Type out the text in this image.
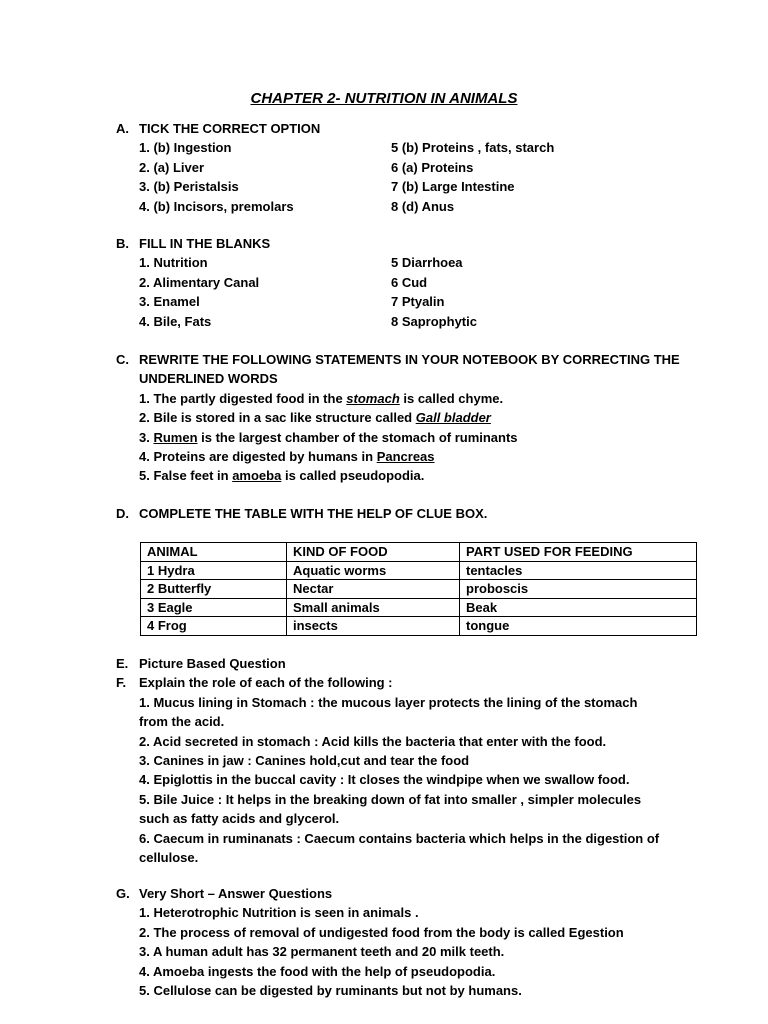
CHAPTER 2- NUTRITION IN ANIMALS
A. TICK THE CORRECT OPTION
1. (b) Ingestion	5 (b) Proteins , fats, starch
2. (a) Liver	6 (a) Proteins
3. (b) Peristalsis	7 (b) Large Intestine
4. (b) Incisors, premolars	8 (d) Anus
B. FILL IN THE BLANKS
1. Nutrition	5 Diarrhoea
2. Alimentary Canal	6 Cud
3. Enamel	7 Ptyalin
4. Bile, Fats	8 Saprophytic
C. REWRITE THE FOLLOWING STATEMENTS IN YOUR NOTEBOOK BY CORRECTING THE
UNDERLINED WORDS
1. The partly digested food in the stomach is called chyme.
2. Bile is stored in a sac like structure called Gall bladder
3. Rumen is the largest chamber of the stomach of ruminants
4. Proteins are digested by humans in Pancreas
5. False feet in amoeba is called pseudopodia.
D. COMPLETE THE TABLE WITH THE HELP OF CLUE BOX.
ANIMAL	KIND OF FOOD	PART USED FOR FEEDING
1 Hydra	Aquatic worms	tentacles
2 Butterfly	Nectar	proboscis
3 Eagle	Small animals	Beak
4 Frog	insects	tongue
E. Picture Based Question
F. Explain the role of each of the following :
1. Mucus lining in Stomach : the mucous layer protects the lining of the stomach
from the acid.
2. Acid secreted in stomach : Acid kills the bacteria that enter with the food.
3. Canines in jaw : Canines hold,cut and tear the food
4. Epiglottis in the buccal cavity : It closes the windpipe when we swallow food.
5. Bile Juice : It helps in the breaking down of fat into smaller , simpler molecules
such as fatty acids and glycerol.
6. Caecum in ruminanats : Caecum contains bacteria which helps in the digestion of
cellulose.
G. Very Short – Answer Questions
1. Heterotrophic Nutrition is seen in animals .
2. The process of removal of undigested food from the body is called Egestion
3. A human adult has 32 permanent teeth and 20 milk teeth.
4. Amoeba ingests the food with the help of pseudopodia.
5. Cellulose can be digested by ruminants but not by humans.
